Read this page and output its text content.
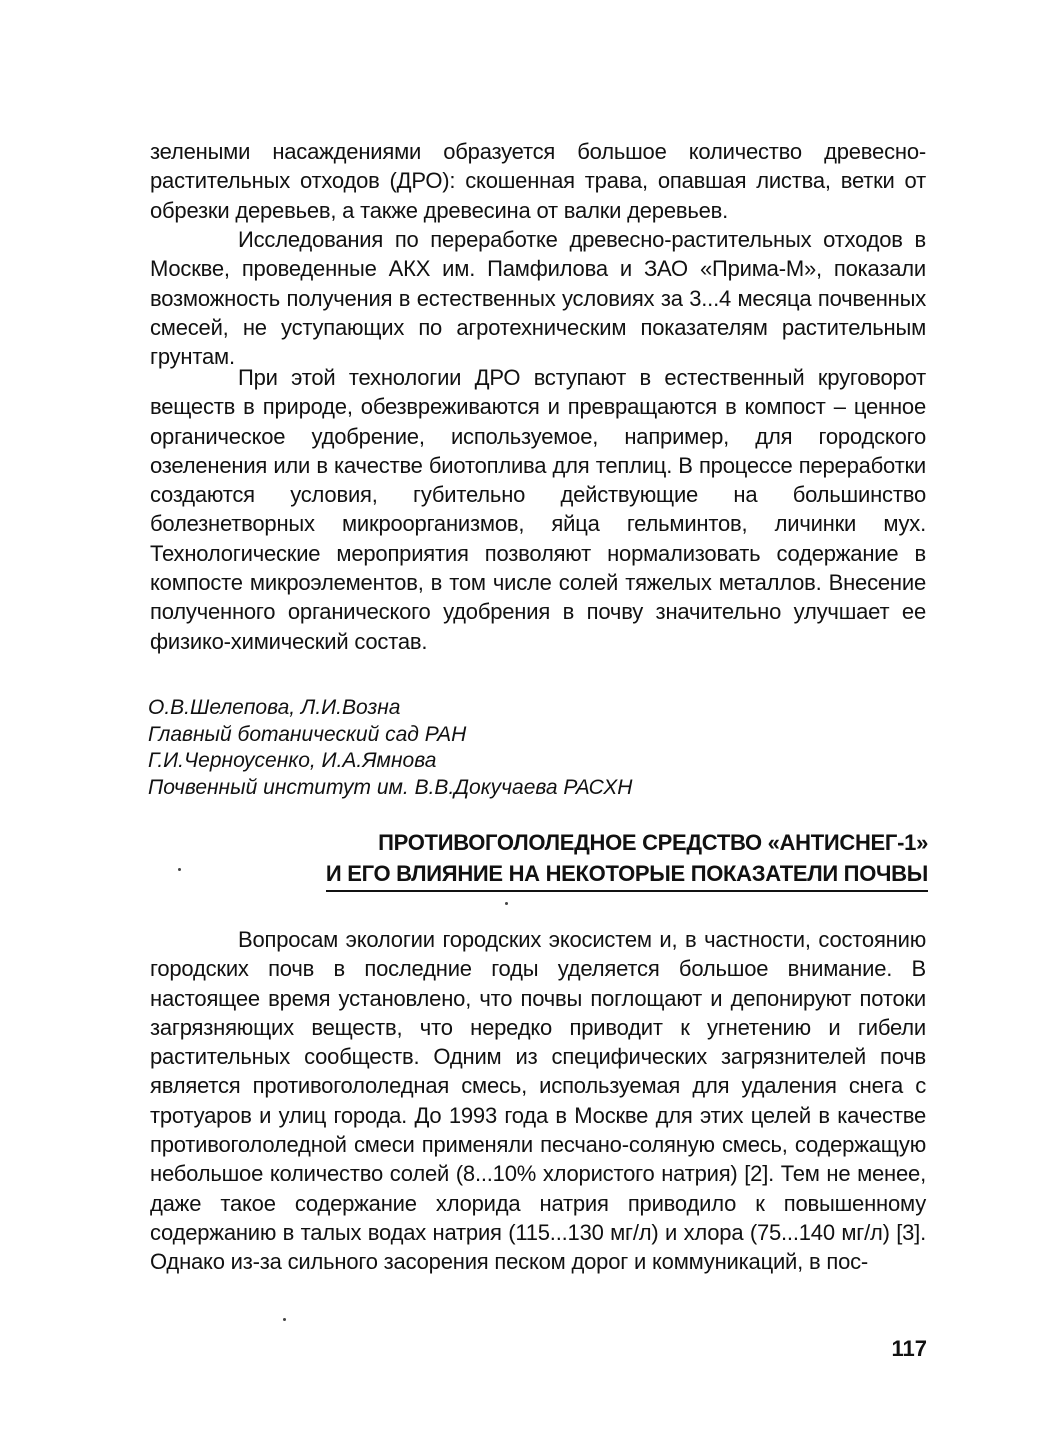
зелеными насаждениями образуется большое количество древесно-растительных отходов (ДРО): скошенная трава, опавшая листва, ветки от обрезки деревьев, а также древесина от валки деревьев.

Исследования по переработке древесно-растительных отходов в Москве, проведенные АКХ им. Памфилова и ЗАО «Прима-М», показали возможность получения в естественных условиях за 3...4 месяца почвенных смесей, не уступающих по агротехническим показателям растительным грунтам.

При этой технологии ДРО вступают в естественный круговорот веществ в природе, обезвреживаются и превращаются в компост – ценное органическое удобрение, используемое, например, для городского озеленения или в качестве биотоплива для теплиц. В процессе переработки создаются условия, губительно действующие на большинство болезнетворных микроорганизмов, яйца гельминтов, личинки мух. Технологические мероприятия позволяют нормализовать содержание в компосте микроэлементов, в том числе солей тяжелых металлов. Внесение полученного органического удобрения в почву значительно улучшает ее физико-химический состав.

О.В.Шелепова, Л.И.Возна
Главный ботанический сад РАН
Г.И.Черноусенко, И.А.Ямнова
Почвенный институт им. В.В.Докучаева РАСХН
ПРОТИВОГОЛОЛЕДНОЕ СРЕДСТВО «АНТИСНЕГ-1»
И ЕГО ВЛИЯНИЕ НА НЕКОТОРЫЕ ПОКАЗАТЕЛИ ПОЧВЫ

Вопросам экологии городских экосистем и, в частности, состоянию городских почв в последние годы уделяется большое внимание. В настоящее время установлено, что почвы поглощают и депонируют потоки загрязняющих веществ, что нередко приводит к угнетению и гибели растительных сообществ. Одним из специфических загрязнителей почв является противогололедная смесь, используемая для удаления снега с тротуаров и улиц города. До 1993 года в Москве для этих целей в качестве противогололедной смеси применяли песчано-соляную смесь, содержащую небольшое количество солей (8...10% хлористого натрия) [2]. Тем не менее, даже такое содержание хлорида натрия приводило к повышенному содержанию в талых водах натрия (115...130 мг/л) и хлора (75...140 мг/л) [3]. Однако из-за сильного засорения песком дорог и коммуникаций, в пос-

117
